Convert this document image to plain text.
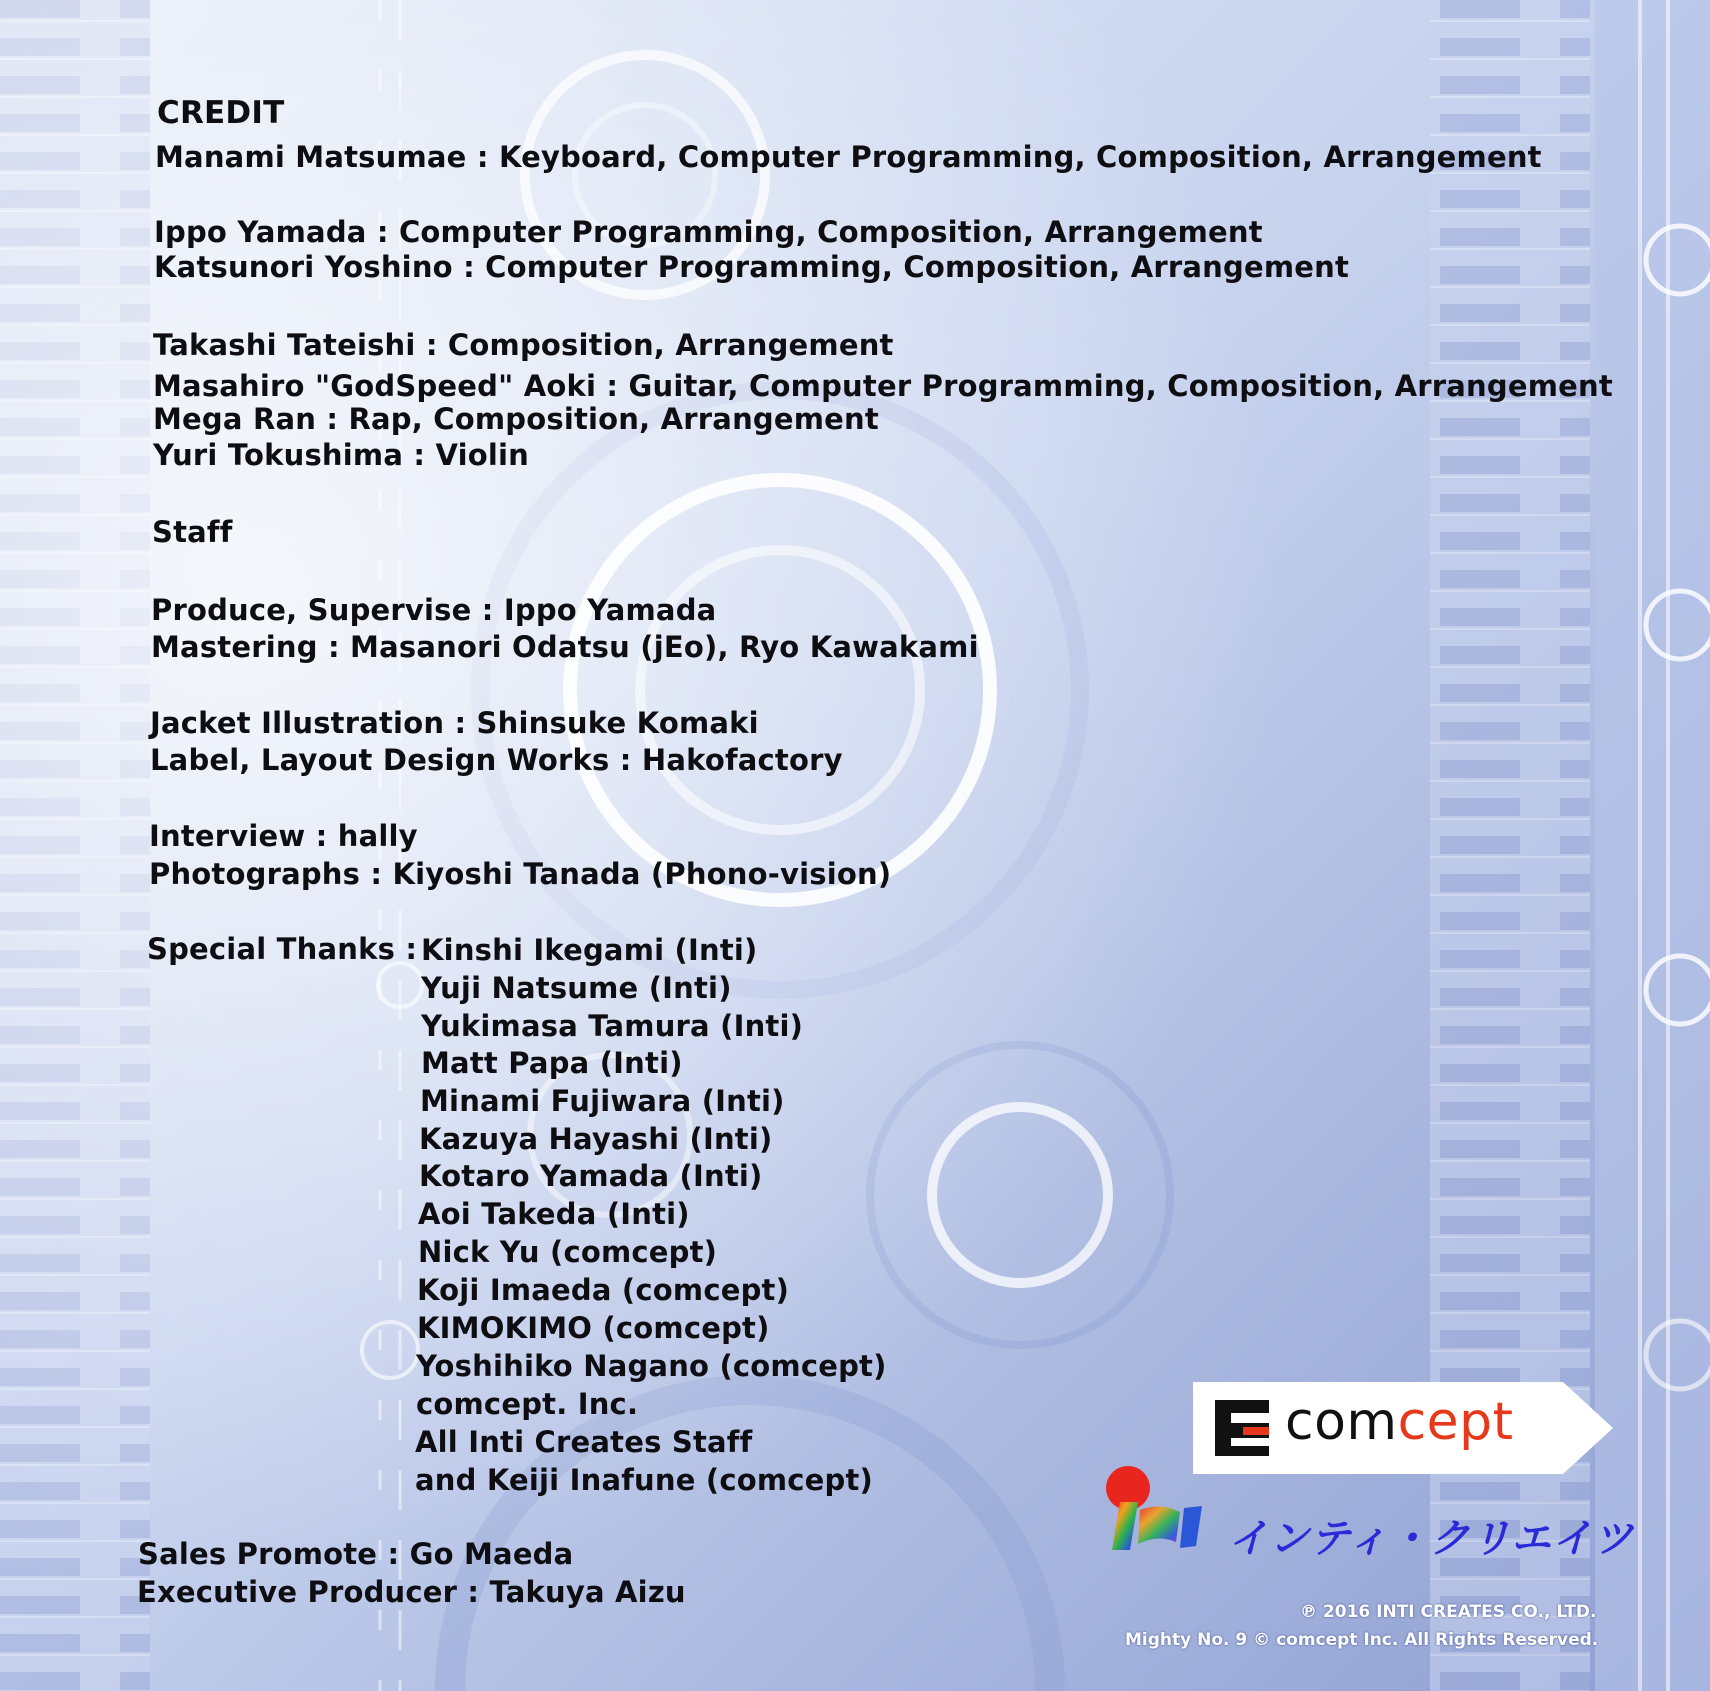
CREDIT
Manami Matsumae : Keyboard, Computer Programming, Composition, Arrangement
Ippo Yamada : Computer Programming, Composition, Arrangement
Katsunori Yoshino : Computer Programming, Composition, Arrangement
Takashi Tateishi : Composition, Arrangement
Masahiro "GodSpeed" Aoki : Guitar, Computer Programming, Composition, Arrangement
Mega Ran : Rap, Composition, Arrangement
Yuri Tokushima : Violin
Staff
Produce, Supervise : Ippo Yamada
Mastering : Masanori Odatsu (jEo), Ryo Kawakami
Jacket Illustration : Shinsuke Komaki
Label, Layout Design Works : Hakofactory
Interview : hally
Photographs : Kiyoshi Tanada (Phono-vision)
Special Thanks : Kinshi Ikegami (Inti)
Yuji Natsume (Inti)
Yukimasa Tamura (Inti)
Matt Papa (Inti)
Minami Fujiwara (Inti)
Kazuya Hayashi (Inti)
Kotaro Yamada (Inti)
Aoi Takeda (Inti)
Nick Yu (comcept)
Koji Imaeda (comcept)
KIMOKIMO (comcept)
Yoshihiko Nagano (comcept)
comcept. Inc.
All Inti Creates Staff
and Keiji Inafune (comcept)
Sales Promote : Go Maeda
Executive Producer : Takuya Aizu
comcept
インティ・クリエイツ
℗ 2016 INTI CREATES CO., LTD.
Mighty No. 9 © comcept Inc. All Rights Reserved.
